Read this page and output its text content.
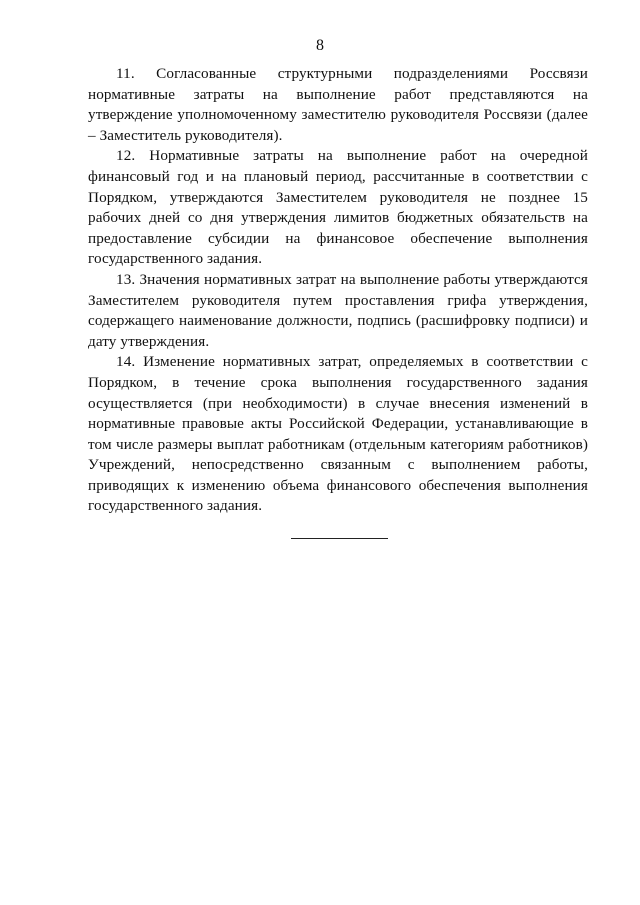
8

11. Согласованные структурными подразделениями Россвязи нормативные затраты на выполнение работ представляются на утверждение уполномоченному заместителю руководителя Россвязи (далее – Заместитель руководителя).

12. Нормативные затраты на выполнение работ на очередной финансовый год и на плановый период, рассчитанные в соответствии с Порядком, утверждаются Заместителем руководителя не позднее 15 рабочих дней со дня утверждения лимитов бюджетных обязательств на предоставление субсидии на финансовое обеспечение выполнения государственного задания.

13. Значения нормативных затрат на выполнение работы утверждаются Заместителем руководителя путем проставления грифа утверждения, содержащего наименование должности, подпись (расшифровку подписи) и дату утверждения.

14. Изменение нормативных затрат, определяемых в соответствии с Порядком, в течение срока выполнения государственного задания осуществляется (при необходимости) в случае внесения изменений в нормативные правовые акты Российской Федерации, устанавливающие в том числе размеры выплат работникам (отдельным категориям работников) Учреждений, непосредственно связанным с выполнением работы, приводящих к изменению объема финансового обеспечения выполнения государственного задания.
